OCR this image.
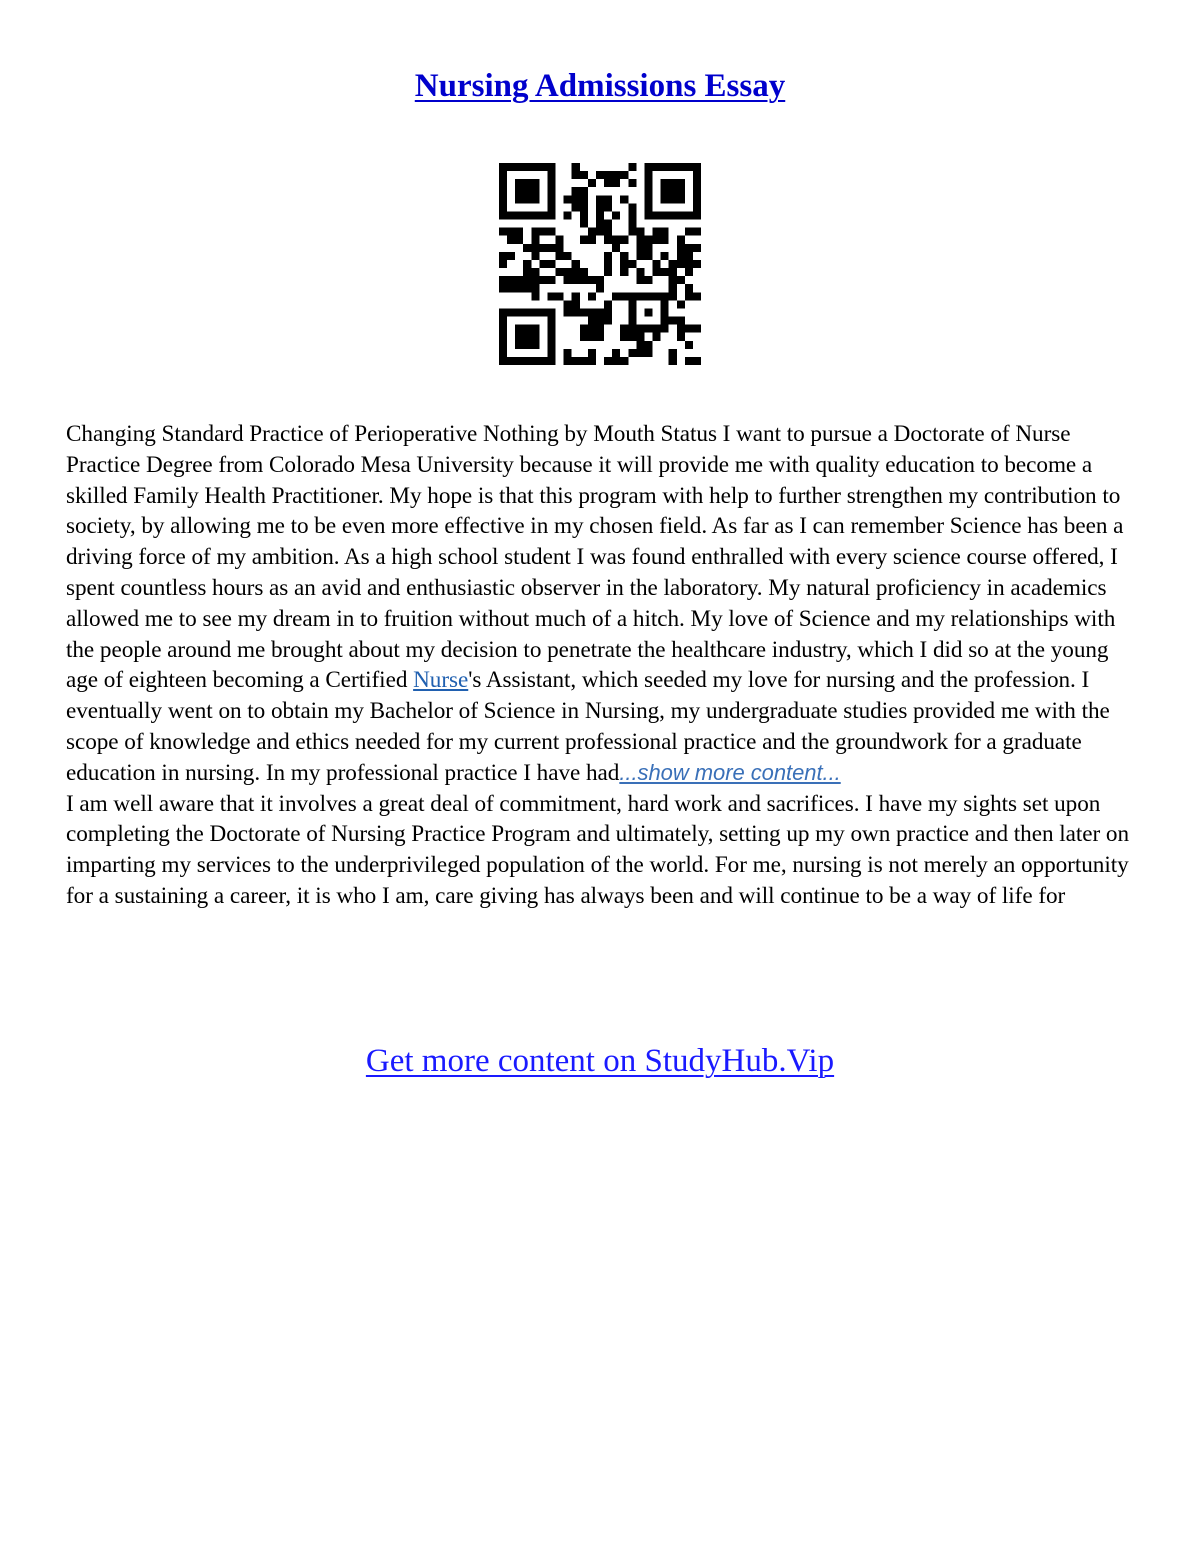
Nursing Admissions Essay

Changing Standard Practice of Perioperative Nothing by Mouth Status I want to pursue a Doctorate of Nurse Practice Degree from Colorado Mesa University because it will provide me with quality education to become a skilled Family Health Practitioner. My hope is that this program with help to further strengthen my contribution to society, by allowing me to be even more effective in my chosen field. As far as I can remember Science has been a driving force of my ambition. As a high school student I was found enthralled with every science course offered, I spent countless hours as an avid and enthusiastic observer in the laboratory. My natural proficiency in academics allowed me to see my dream in to fruition without much of a hitch. My love of Science and my relationships with the people around me brought about my decision to penetrate the healthcare industry, which I did so at the young age of eighteen becoming a Certified Nurse's Assistant, which seeded my love for nursing and the profession. I eventually went on to obtain my Bachelor of Science in Nursing, my undergraduate studies provided me with the scope of knowledge and ethics needed for my current professional practice and the groundwork for a graduate education in nursing. In my professional practice I have had...show more content...

I am well aware that it involves a great deal of commitment, hard work and sacrifices. I have my sights set upon completing the Doctorate of Nursing Practice Program and ultimately, setting up my own practice and then later on imparting my services to the underprivileged population of the world. For me, nursing is not merely an opportunity for a sustaining a career, it is who I am, care giving has always been and will continue to be a way of life for

Get more content on StudyHub.Vip
